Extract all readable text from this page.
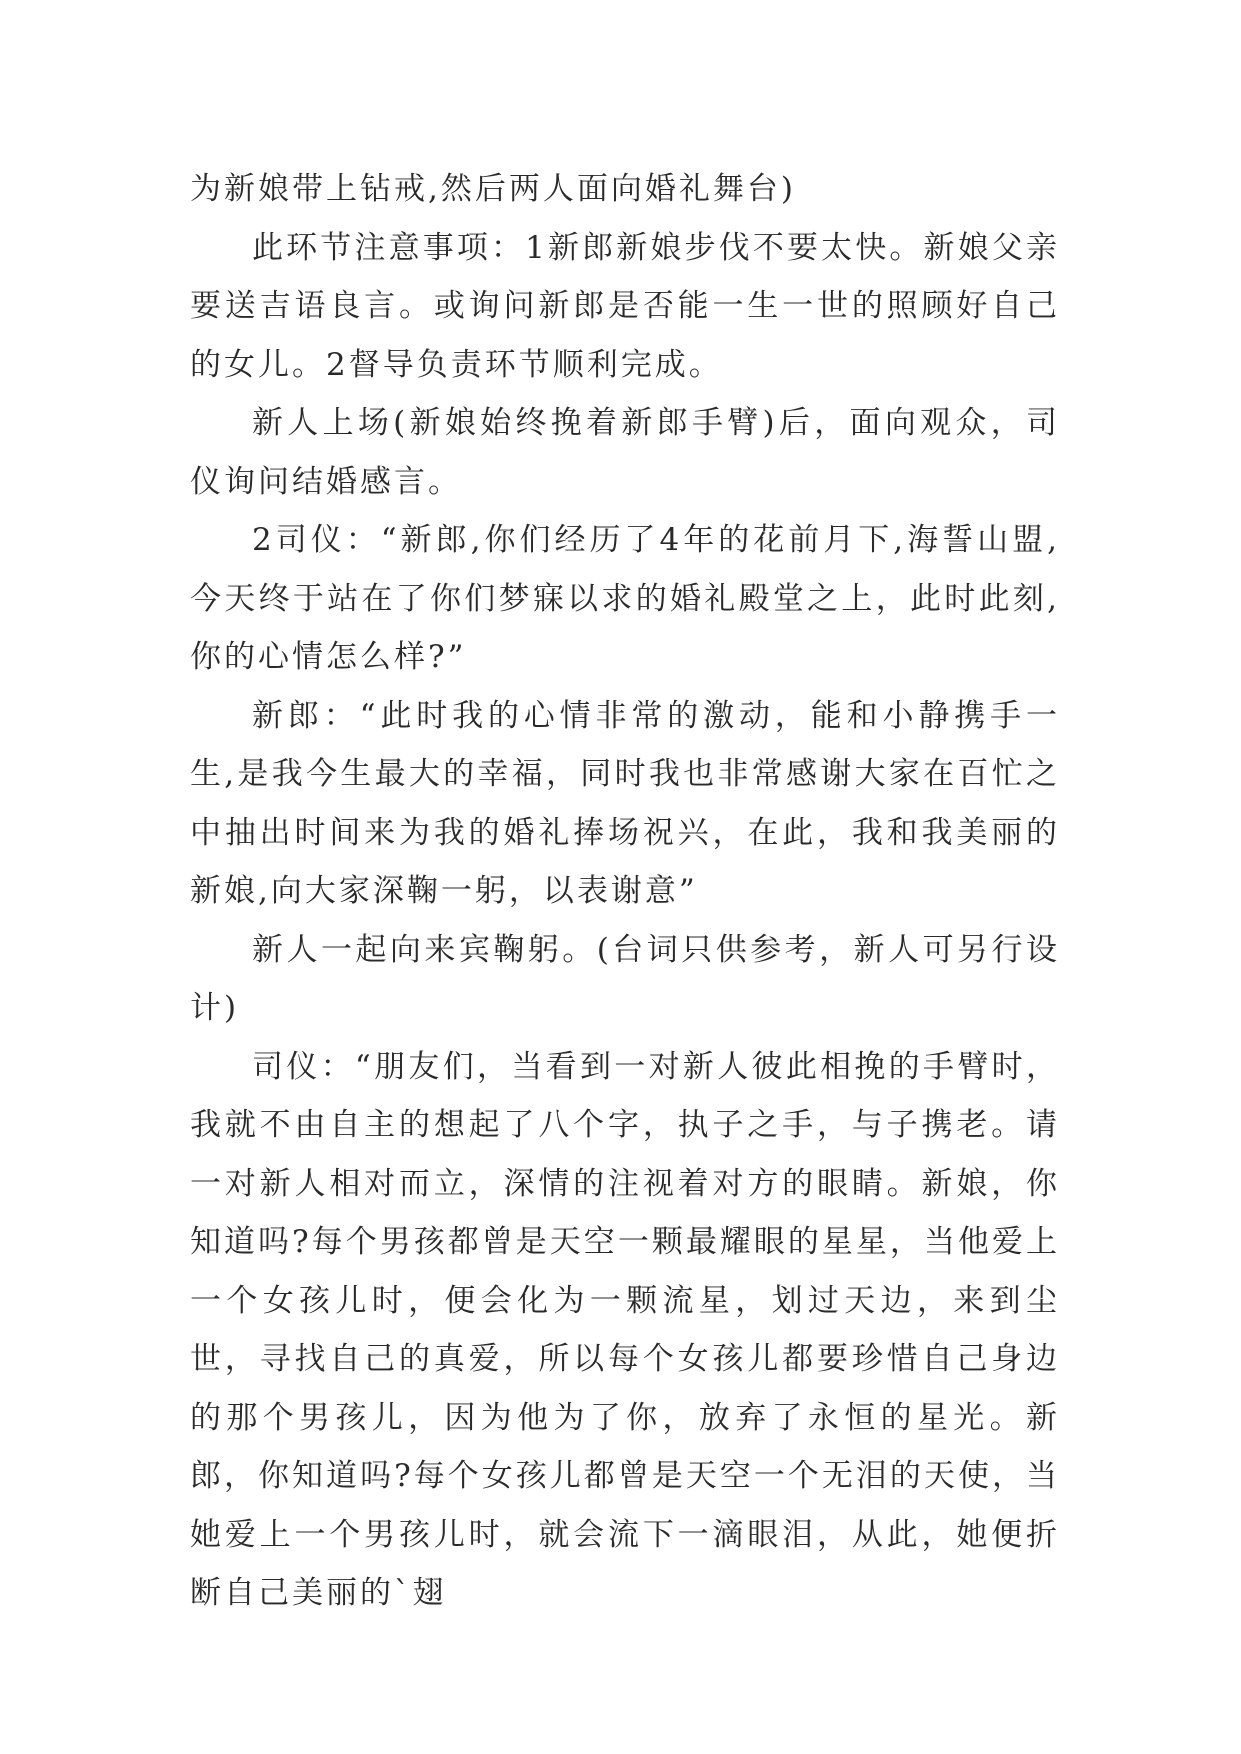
为新娘带上钻戒,然后两人面向婚礼舞台)

此环节注意事项：1新郎新娘步伐不要太快。新娘父亲要送吉语良言。或询问新郎是否能一生一世的照顾好自己的女儿。2督导负责环节顺利完成。

新人上场(新娘始终挽着新郎手臂)后，面向观众，司仪询问结婚感言。

2司仪：“新郎,你们经历了4年的花前月下,海誓山盟,今天终于站在了你们梦寐以求的婚礼殿堂之上，此时此刻,你的心情怎么样?”

新郎：“此时我的心情非常的激动，能和小静携手一生,是我今生最大的幸福，同时我也非常感谢大家在百忙之中抽出时间来为我的婚礼捧场祝兴，在此，我和我美丽的新娘,向大家深鞠一躬，以表谢意”

新人一起向来宾鞠躬。(台词只供参考，新人可另行设计)

司仪：“朋友们，当看到一对新人彼此相挽的手臂时，我就不由自主的想起了八个字，执子之手，与子携老。请一对新人相对而立，深情的注视着对方的眼睛。新娘，你知道吗?每个男孩都曾是天空一颗最耀眼的星星，当他爱上一个女孩儿时，便会化为一颗流星，划过天边，来到尘世，寻找自己的真爱，所以每个女孩儿都要珍惜自己身边的那个男孩儿，因为他为了你，放弃了永恒的星光。新郎，你知道吗?每个女孩儿都曾是天空一个无泪的天使，当她爱上一个男孩儿时，就会流下一滴眼泪，从此，她便折断自己美丽的`翅
